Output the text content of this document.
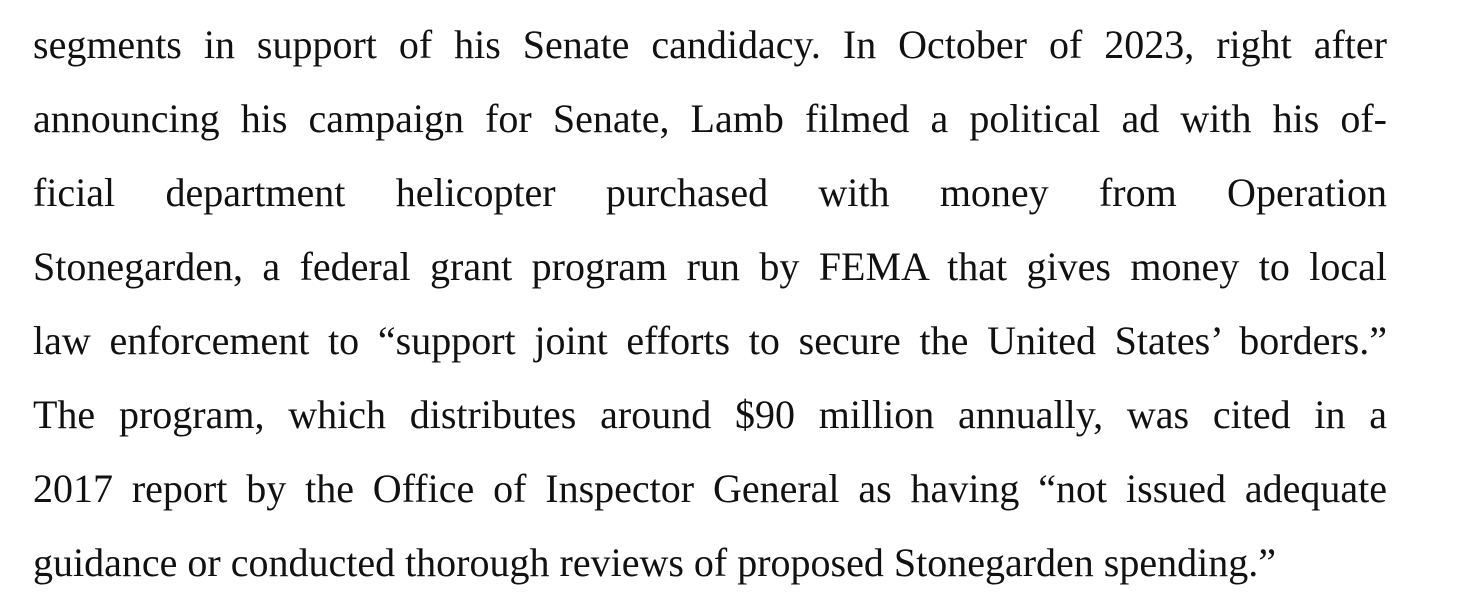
segments in support of his Senate candidacy. In October of 2023, right after
announcing his campaign for Senate, Lamb filmed a political ad with his of-
ficial department helicopter purchased with money from Operation
Stonegarden, a federal grant program run by FEMA that gives money to local
law enforcement to “support joint efforts to secure the United States’ borders.”
The program, which distributes around $90 million annually, was cited in a
2017 report by the Office of Inspector General as having “not issued adequate
guidance or conducted thorough reviews of proposed Stonegarden spending.”
